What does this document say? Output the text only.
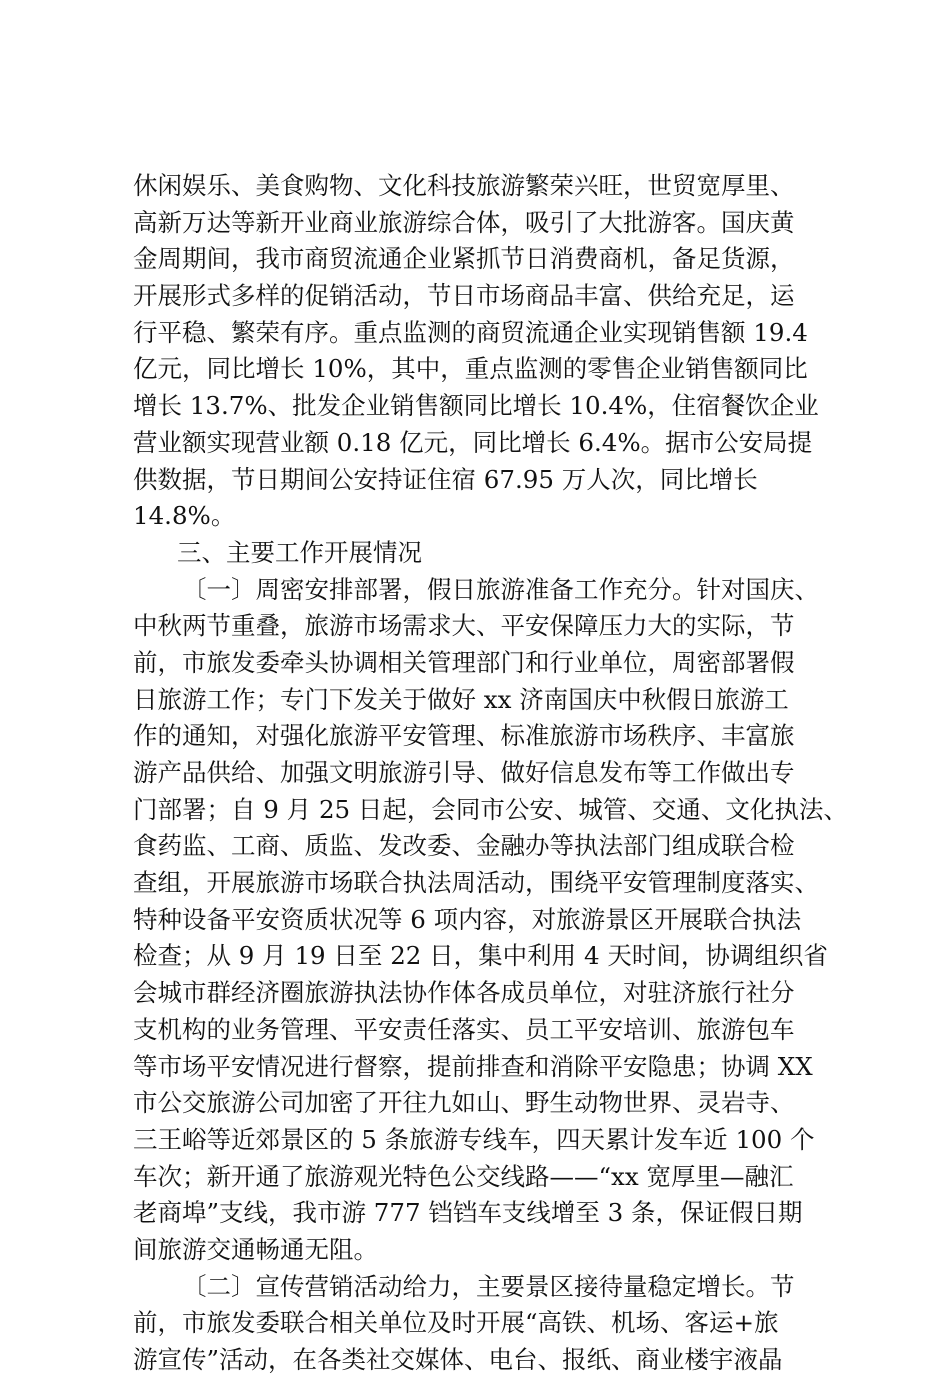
休闲娱乐、美食购物、文化科技旅游繁荣兴旺，世贸宽厚里、
高新万达等新开业商业旅游综合体，吸引了大批游客。国庆黄
金周期间，我市商贸流通企业紧抓节日消费商机，备足货源，
开展形式多样的促销活动，节日市场商品丰富、供给充足，运
行平稳、繁荣有序。重点监测的商贸流通企业实现销售额 19.4
亿元，同比增长 10%，其中，重点监测的零售企业销售额同比
增长 13.7%、批发企业销售额同比增长 10.4%，住宿餐饮企业
营业额实现营业额 0.18 亿元，同比增长 6.4%。据市公安局提
供数据，节日期间公安持证住宿 67.95 万人次，同比增长
14.8%。
三、主要工作开展情况
〔一〕周密安排部署，假日旅游准备工作充分。针对国庆、
中秋两节重叠，旅游市场需求大、平安保障压力大的实际，节
前，市旅发委牵头协调相关管理部门和行业单位，周密部署假
日旅游工作；专门下发关于做好 xx 济南国庆中秋假日旅游工
作的通知，对强化旅游平安管理、标准旅游市场秩序、丰富旅
游产品供给、加强文明旅游引导、做好信息发布等工作做出专
门部署；自 9 月 25 日起，会同市公安、城管、交通、文化执法、
食药监、工商、质监、发改委、金融办等执法部门组成联合检
查组，开展旅游市场联合执法周活动，围绕平安管理制度落实、
特种设备平安资质状况等 6 项内容，对旅游景区开展联合执法
检查；从 9 月 19 日至 22 日，集中利用 4 天时间，协调组织省
会城市群经济圈旅游执法协作体各成员单位，对驻济旅行社分
支机构的业务管理、平安责任落实、员工平安培训、旅游包车
等市场平安情况进行督察，提前排查和消除平安隐患；协调 XX
市公交旅游公司加密了开往九如山、野生动物世界、灵岩寺、
三王峪等近郊景区的 5 条旅游专线车，四天累计发车近 100 个
车次；新开通了旅游观光特色公交线路——“xx 宽厚里—融汇
老商埠”支线，我市游 777 铛铛车支线增至 3 条，保证假日期
间旅游交通畅通无阻。
〔二〕宣传营销活动给力，主要景区接待量稳定增长。节
前，市旅发委联合相关单位及时开展“高铁、机场、客运+旅
游宣传”活动，在各类社交媒体、电台、报纸、商业楼宇液晶
